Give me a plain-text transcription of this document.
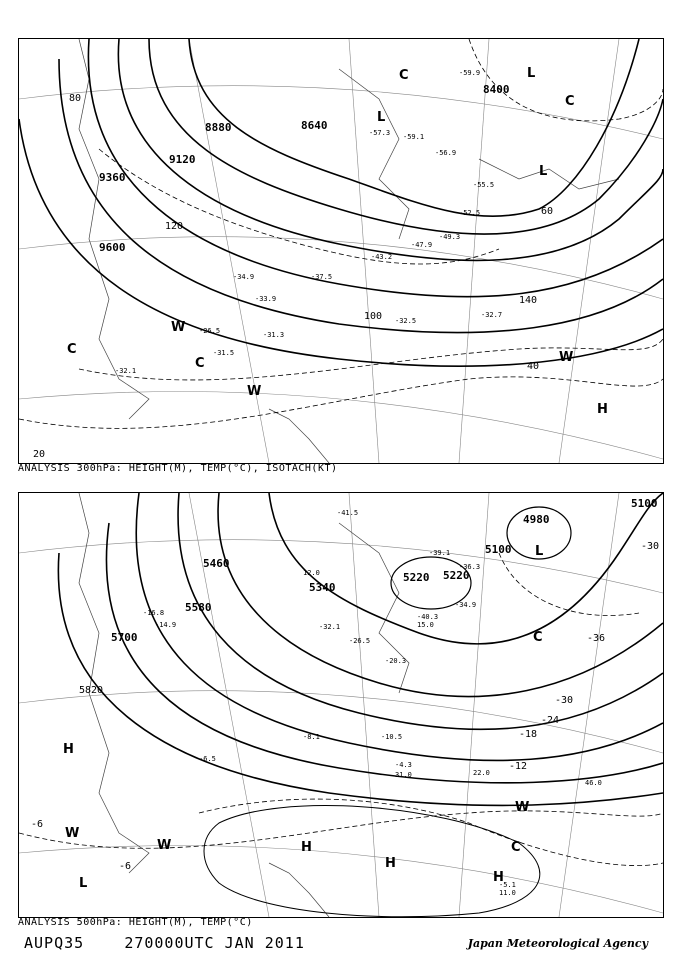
8400
8640
8880
9120
9360
9600
20
40
60
80
100
120
140
L
L
L
C
C
C
C
H
W
W
W
-59.9
-56.9
-57.3 -59.1
-55.5
-52.5
-49.3
-47.9
-43.2
-37.5
-34.9
-33.9
-31.3
-32.5
-32.7
-31.5
-32.1
-26.5
ANALYSIS 300hPa: HEIGHT(M), TEMP(°C), ISOTACH(KT)
4980
5100
5100
5220 5220
5340
5460
5580
5700
5820
-36
-30
-30
-24
-18
-12
-6
-6
L
L
C
C
H
H
H
H
W
W
W
-41.5
-39.1
-40.3
-36.3
-34.9
-32.1
-26.5
-20.3
-16.8
-14.9
-10.5
-8.1
-6.5
-4.3
-5.1
12.0
15.0
22.0
31.0
46.0
11.0
ANALYSIS 500hPa: HEIGHT(M), TEMP(°C)
AUPQ35	270000UTC JAN 2011	Japan Meteorological Agency
